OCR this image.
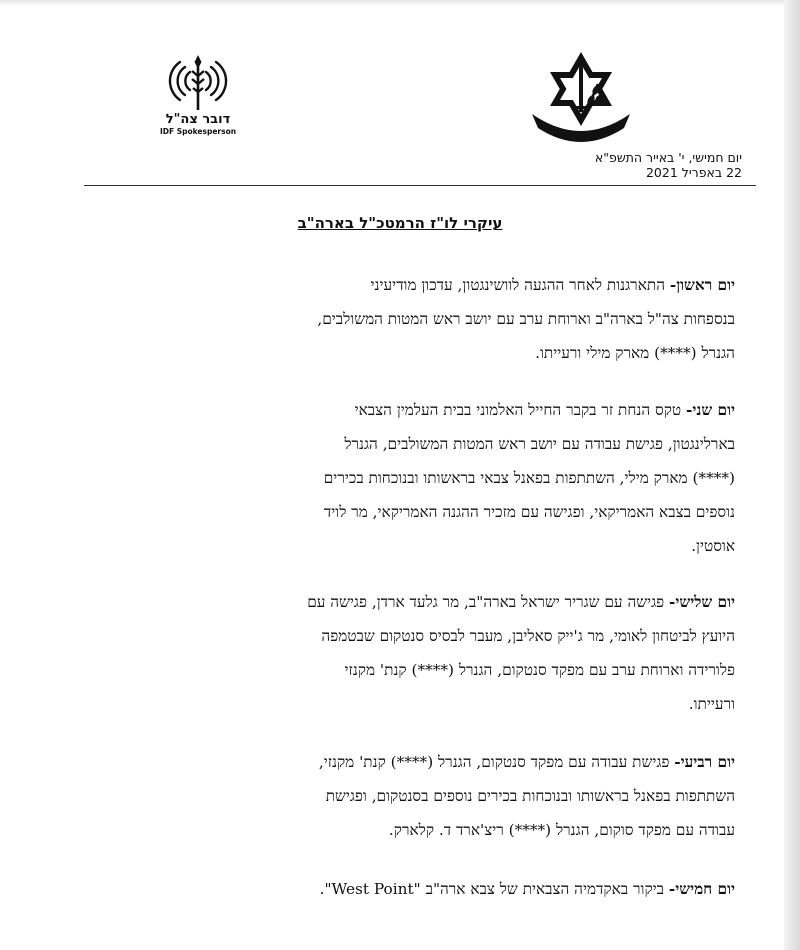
דובר צה"ל
IDF Spokesperson
יום חמישי, י' באייר התשפ"א
22 באפריל 2021
עיקרי לו"ז הרמטכ"ל בארה"ב
יום ראשון- התארגנות לאחר ההגעה לוושינגטון, עדכון מודיעיני
בנספחות צה"ל בארה"ב וארוחת ערב עם יושב ראש המטות המשולבים,
הגנרל (****) מארק מילי ורעייתו.
יום שני- טקס הנחת זר בקבר החייל האלמוני בבית העלמין הצבאי
בארלינגטון, פגישת עבודה עם יושב ראש המטות המשולבים, הגנרל
(****) מארק מילי, השתתפות בפאנל צבאי בראשותו ובנוכחות בכירים
נוספים בצבא האמריקאי, ופגישה עם מזכיר ההגנה האמריקאי, מר לויד
אוסטין.
יום שלישי- פגישה עם שגריר ישראל בארה"ב, מר גלעד ארדן, פגישה עם
היועץ לביטחון לאומי, מר ג'ייק סאליבן, מעבר לבסיס סנטקום שבטמפה
פלורידה וארוחת ערב עם מפקד סנטקום, הגנרל (****) קנת' מקנזי
ורעייתו.
יום רביעי- פגישת עבודה עם מפקד סנטקום, הגנרל (****) קנת' מקנזי,
השתתפות בפאנל בראשותו ובנוכחות בכירים נוספים בסנטקום, ופגישת
עבודה עם מפקד סוקום, הגנרל (****) ריצ'ארד ד. קלארק.
יום חמישי- ביקור באקדמיה הצבאית של צבא ארה"ב "West Point".
